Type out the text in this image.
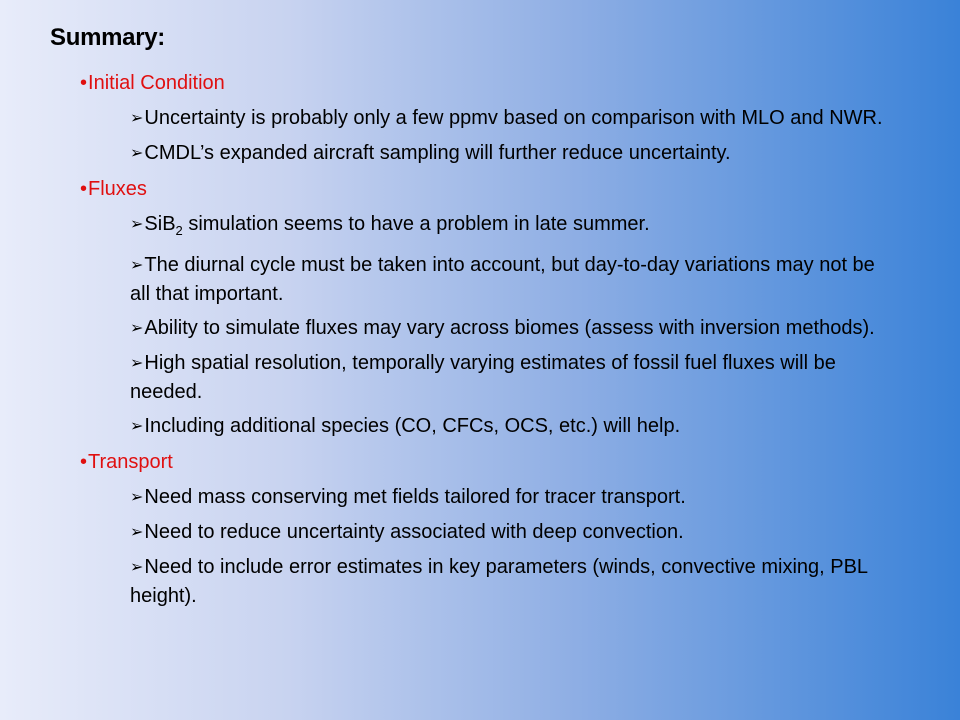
Summary:
•Initial Condition
➢Uncertainty is probably only a few ppmv based on comparison with MLO and NWR.
➢CMDL’s expanded aircraft sampling will further reduce uncertainty.
•Fluxes
➢SiB$_2$ simulation seems to have a problem in late summer.
➢The diurnal cycle must be taken into account, but day-to-day variations may not be all that important.
➢Ability to simulate fluxes may vary across biomes (assess with inversion methods).
➢High spatial resolution, temporally varying estimates of fossil fuel fluxes will be needed.
➢Including additional species (CO, CFCs, OCS, etc.) will help.
•Transport
➢Need mass conserving met fields tailored for tracer transport.
➢Need to reduce uncertainty associated with deep convection.
➢Need to include error estimates in key parameters (winds, convective mixing, PBL height).
